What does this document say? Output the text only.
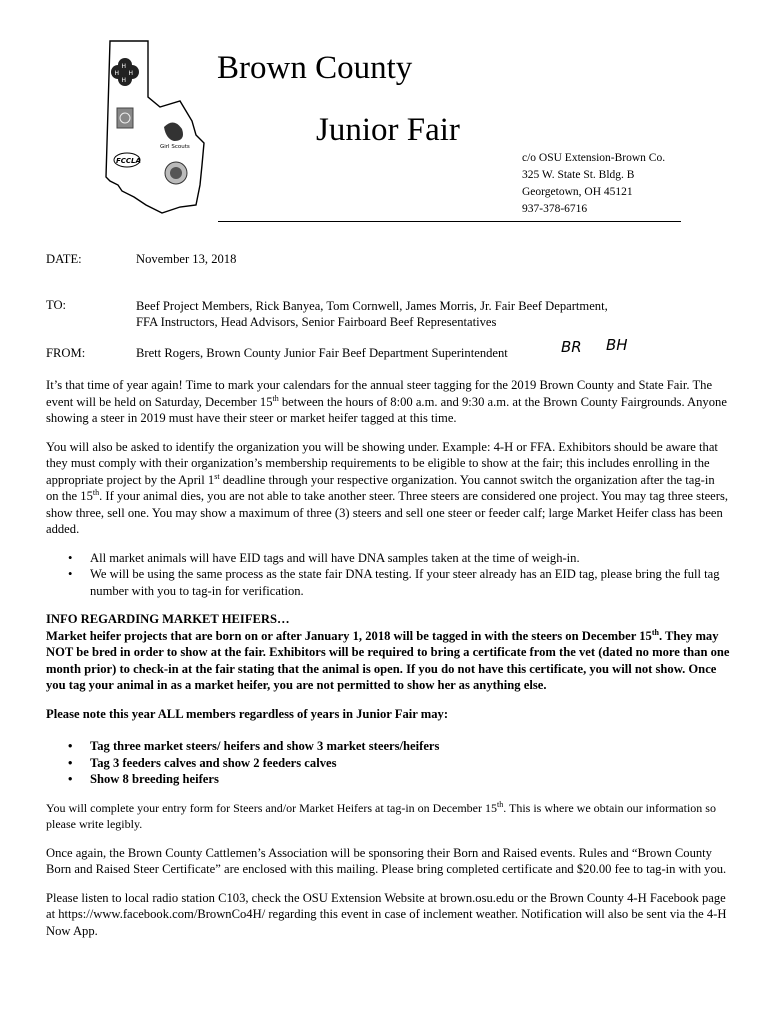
H
H
H H
Girl Scouts
FCCLA
Brown County
Junior Fair
c/o OSU Extension-Brown Co.
325 W. State St. Bldg. B
Georgetown, OH 45121
937-378-6716
DATE:	November 13, 2018
TO:	Beef Project Members, Rick Banyea, Tom Cornwell, James Morris, Jr. Fair Beef Department,
FFA Instructors, Head Advisors, Senior Fairboard Beef Representatives
FROM:	Brett Rogers, Brown County Junior Fair Beef Department Superintendent	BR BH

It’s that time of year again! Time to mark your calendars for the annual steer tagging for the 2019 Brown County and State Fair. The event will be held on Saturday, December 15th between the hours of 8:00 a.m. and 9:30 a.m. at the Brown County Fairgrounds. Anyone showing a steer in 2019 must have their steer or market heifer tagged at this time.

You will also be asked to identify the organization you will be showing under. Example: 4-H or FFA. Exhibitors should be aware that they must comply with their organization’s membership requirements to be eligible to show at the fair; this includes enrolling in the appropriate project by the April 1st deadline through your respective organization. You cannot switch the organization after the tag-in on the 15th. If your animal dies, you are not able to take another steer. Three steers are considered one project. You may tag three steers, show three, sell one. You may show a maximum of three (3) steers and sell one steer or feeder calf; large Market Heifer class has been added.

• All market animals will have EID tags and will have DNA samples taken at the time of weigh-in.
• We will be using the same process as the state fair DNA testing. If your steer already has an EID tag, please bring the full tag number with you to tag-in for verification.

INFO REGARDING MARKET HEIFERS…

Market heifer projects that are born on or after January 1, 2018 will be tagged in with the steers on December 15th. They may NOT be bred in order to show at the fair. Exhibitors will be required to bring a certificate from the vet (dated no more than one month prior) to check-in at the fair stating that the animal is open. If you do not have this certificate, you will not show. Once you tag your animal in as a market heifer, you are not permitted to show her as anything else.

Please note this year ALL members regardless of years in Junior Fair may:

• Tag three market steers/ heifers and show 3 market steers/heifers
• Tag 3 feeders calves and show 2 feeders calves
• Show 8 breeding heifers

You will complete your entry form for Steers and/or Market Heifers at tag-in on December 15th. This is where we obtain our information so please write legibly.

Once again, the Brown County Cattlemen’s Association will be sponsoring their Born and Raised events. Rules and “Brown County Born and Raised Steer Certificate” are enclosed with this mailing. Please bring completed certificate and $20.00 fee to tag-in with you.

Please listen to local radio station C103, check the OSU Extension Website at brown.osu.edu or the Brown County 4-H Facebook page at https://www.facebook.com/BrownCo4H/ regarding this event in case of inclement weather. Notification will also be sent via the 4-H Now App.
